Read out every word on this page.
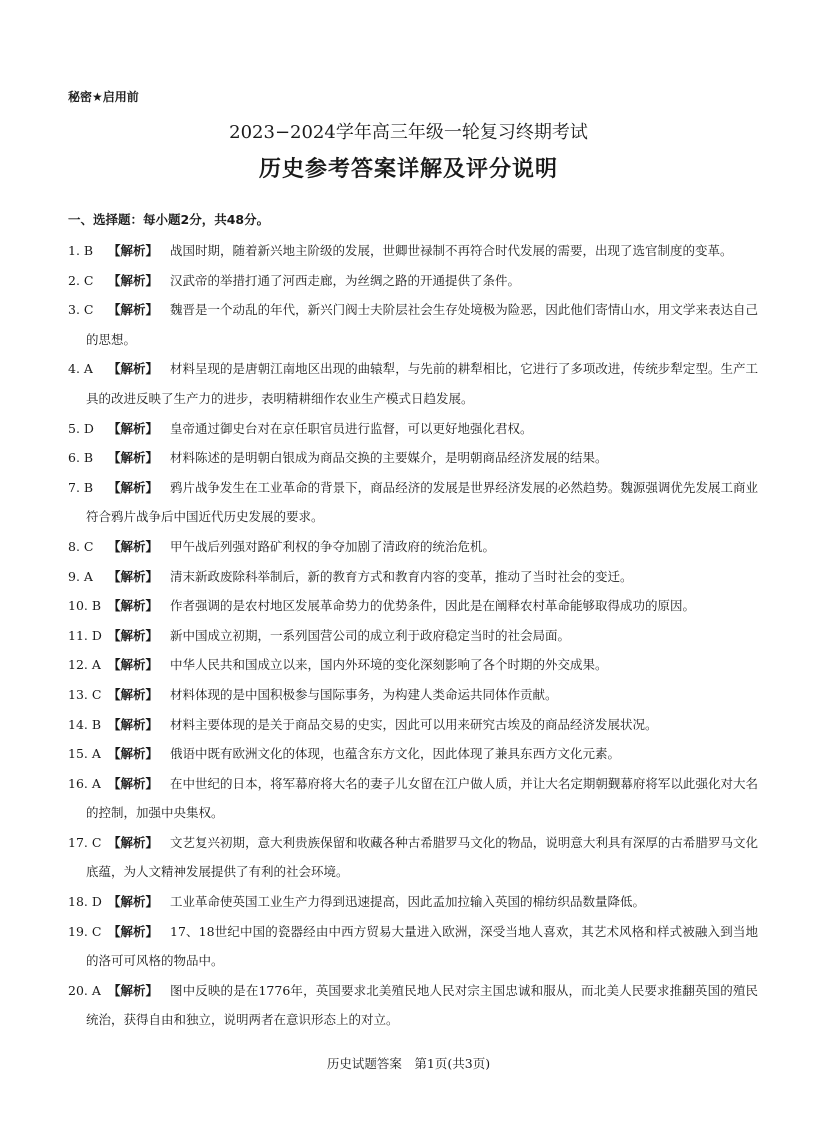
秘密★启用前
2023−2024学年高三年级一轮复习终期考试
历史参考答案详解及评分说明
一、选择题：每小题2分，共48分。
1. B 【解析】 战国时期，随着新兴地主阶级的发展，世卿世禄制不再符合时代发展的需要，出现了选官制度的变革。
2. C 【解析】 汉武帝的举措打通了河西走廊，为丝绸之路的开通提供了条件。
3. C 【解析】 魏晋是一个动乱的年代，新兴门阀士夫阶层社会生存处境极为险恶，因此他们寄情山水，用文学来表达自己的思想。
4. A 【解析】 材料呈现的是唐朝江南地区出现的曲辕犁，与先前的耕犁相比，它进行了多项改进，传统步犁定型。生产工具的改进反映了生产力的进步，表明精耕细作农业生产模式日趋发展。
5. D 【解析】 皇帝通过御史台对在京任职官员进行监督，可以更好地强化君权。
6. B 【解析】 材料陈述的是明朝白银成为商品交换的主要媒介，是明朝商品经济发展的结果。
7. B 【解析】 鸦片战争发生在工业革命的背景下，商品经济的发展是世界经济发展的必然趋势。魏源强调优先发展工商业符合鸦片战争后中国近代历史发展的要求。
8. C 【解析】 甲午战后列强对路矿利权的争夺加剧了清政府的统治危机。
9. A 【解析】 清末新政废除科举制后，新的教育方式和教育内容的变革，推动了当时社会的变迁。
10. B 【解析】 作者强调的是农村地区发展革命势力的优势条件，因此是在阐释农村革命能够取得成功的原因。
11. D 【解析】 新中国成立初期，一系列国营公司的成立利于政府稳定当时的社会局面。
12. A 【解析】 中华人民共和国成立以来，国内外环境的变化深刻影响了各个时期的外交成果。
13. C 【解析】 材料体现的是中国积极参与国际事务，为构建人类命运共同体作贡献。
14. B 【解析】 材料主要体现的是关于商品交易的史实，因此可以用来研究古埃及的商品经济发展状况。
15. A 【解析】 俄语中既有欧洲文化的体现，也蕴含东方文化，因此体现了兼具东西方文化元素。
16. A 【解析】 在中世纪的日本，将军幕府将大名的妻子儿女留在江户做人质，并让大名定期朝觐幕府将军以此强化对大名的控制，加强中央集权。
17. C 【解析】 文艺复兴初期，意大利贵族保留和收藏各种古希腊罗马文化的物品，说明意大利具有深厚的古希腊罗马文化底蕴，为人文精神发展提供了有利的社会环境。
18. D 【解析】 工业革命使英国工业生产力得到迅速提高，因此孟加拉输入英国的棉纺织品数量降低。
19. C 【解析】 17、18世纪中国的瓷器经由中西方贸易大量进入欧洲，深受当地人喜欢，其艺术风格和样式被融入到当地的洛可可风格的物品中。
20. A 【解析】 图中反映的是在1776年，英国要求北美殖民地人民对宗主国忠诚和服从，而北美人民要求推翻英国的殖民统治，获得自由和独立，说明两者在意识形态上的对立。
历史试题答案　第1页(共3页)
